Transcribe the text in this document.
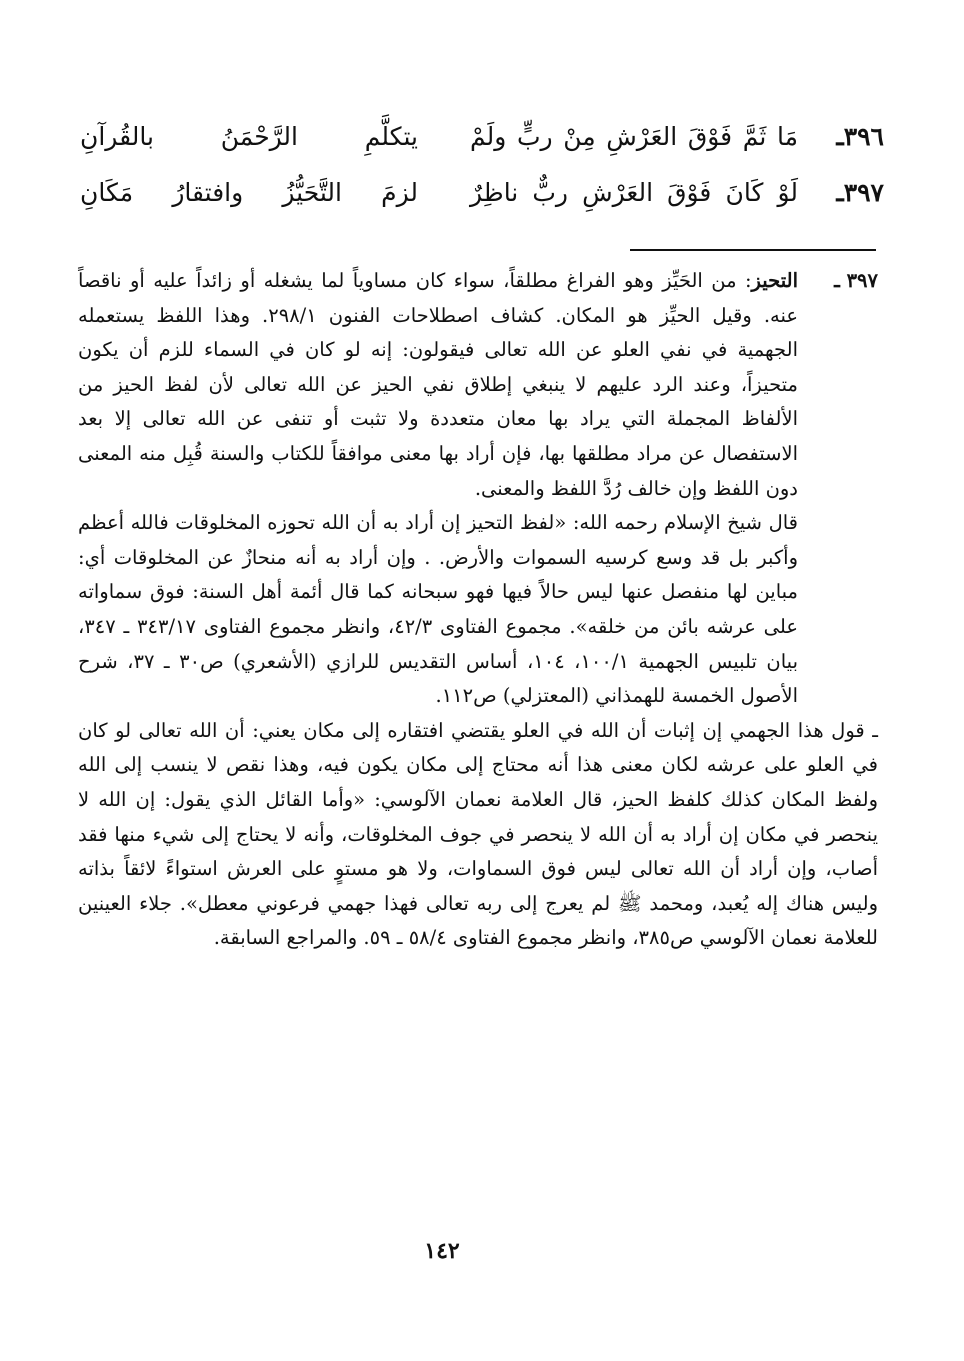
٣٩٦ـ
مَا ثَمَّ فَوْقَ العَرْشِ مِنْ ربٍّ ولَمْ
يتكلَّمِ الرَّحْمَنُ بالقُرآنِ
٣٩٧ـ
لَوْ كَانَ فَوْقَ العَرْشِ ربٌّ ناظِرٌ
لزمَ التَّحَيُّزُ وافتقارُ مَكَانِ
٣٩٧ ـ

التحيز: من الحَيِّز وهو الفراغ مطلقاً، سواء كان مساوياً لما يشغله أو زائداً عليه أو ناقصاً عنه. وقيل الحيِّز هو المكان. كشاف اصطلاحات الفنون ٢٩٨/١. وهذا اللفظ يستعمله الجهمية في نفي العلو عن الله تعالى فيقولون: إنه لو كان في السماء للزم أن يكون متحيزاً، وعند الرد عليهم لا ينبغي إطلاق نفي الحيز عن الله تعالى لأن لفظ الحيز من الألفاظ المجملة التي يراد بها معان متعددة ولا تثبت أو تنفى عن الله تعالى إلا بعد الاستفصال عن مراد مطلقها بها، فإن أراد بها معنى موافقاً للكتاب والسنة قُبِل منه المعنى دون اللفظ وإن خالف رُدَّ اللفظ والمعنى.

قال شيخ الإسلام رحمه الله: «لفظ التحيز إن أراد به أن الله تحوزه المخلوقات فالله أعظم وأكبر بل قد وسع كرسيه السموات والأرض. . وإن أراد به أنه منحازٌ عن المخلوقات أي: مباين لها منفصل عنها ليس حالاً فيها فهو سبحانه كما قال أئمة أهل السنة: فوق سماواته على عرشه بائن من خلقه». مجموع الفتاوى ٤٢/٣، وانظر مجموع الفتاوى ٣٤٣/١٧ ـ ٣٤٧، بيان تلبيس الجهمية ١٠٠/١، ١٠٤، أساس التقديس للرازي (الأشعري) ص٣٠ ـ ٣٧، شرح الأصول الخمسة للهمذاني (المعتزلي) ص١١٢.

ـ قول هذا الجهمي إن إثبات أن الله في العلو يقتضي افتقاره إلى مكان يعني: أن الله تعالى لو كان في العلو على عرشه لكان معنى هذا أنه محتاج إلى مكان يكون فيه، وهذا نقص لا ينسب إلى الله ولفظ المكان كذلك كلفظ الحيز، قال العلامة نعمان الآلوسي: «وأما القائل الذي يقول: إن الله لا ينحصر في مكان إن أراد به أن الله لا ينحصر في جوف المخلوقات، وأنه لا يحتاج إلى شيء منها فقد أصاب، وإن أراد أن الله تعالى ليس فوق السماوات، ولا هو مستوٍ على العرش استواءً لائقاً بذاته وليس هناك إله يُعبد، ومحمد ﷺ لم يعرج إلى ربه تعالى فهذا جهمي فرعوني معطل». جلاء العينين للعلامة نعمان الآلوسي ص٣٨٥، وانظر مجموع الفتاوى ٥٨/٤ ـ ٥٩. والمراجع السابقة.

١٤٢
